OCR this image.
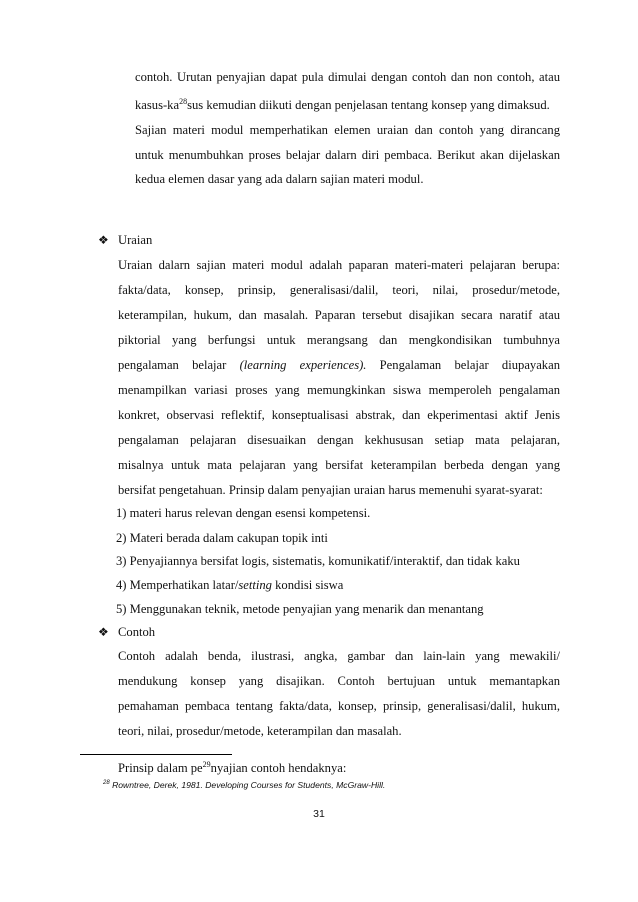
contoh. Urutan penyajian dapat pula dimulai dengan contoh dan non contoh, atau
kasus-$ka^{28}sus$ kemudian diikuti dengan penjelasan tentang konsep yang dimaksud.
Sajian materi modul memperhatikan elemen uraian dan contoh yang dirancang
untuk menumbuhkan proses belajar dalarn diri pembaca. Berikut akan dijelaskan
kedua elemen dasar yang ada dalarn sajian materi modul.
❖ Uraian
Uraian dalarn sajian materi modul adalah paparan materi-materi pelajaran berupa:
fakta/data, konsep, prinsip, generalisasi/dalil, teori, nilai, prosedur/metode,
keterampilan, hukum, dan masalah. Paparan tersebut disajikan secara naratif atau
piktorial yang berfungsi untuk merangsang dan mengkondisikan tumbuhnya
pengalaman belajar (learning experiences). Pengalaman belajar diupayakan
menampilkan variasi proses yang memungkinkan siswa memperoleh pengalaman
konkret, observasi reflektif, konseptualisasi abstrak, dan ekperimentasi aktif Jenis
pengalaman pelajaran disesuaikan dengan kekhususan setiap mata pelajaran,
misalnya untuk mata pelajaran yang bersifat keterampilan berbeda dengan yang
bersifat pengetahuan. Prinsip dalam penyajian uraian harus memenuhi syarat-syarat:
1) materi harus relevan dengan esensi kompetensi.
2) Materi berada dalam cakupan topik inti
3) Penyajiannya bersifat logis, sistematis, komunikatif/interaktif, dan tidak kaku
4) Memperhatikan latar/setting kondisi siswa
5) Menggunakan teknik, metode penyajian yang menarik dan menantang
❖ Contoh
Contoh adalah benda, ilustrasi, angka, gambar dan lain-lain yang mewakili/
mendukung konsep yang disajikan. Contoh bertujuan untuk memantapkan
pemahaman pembaca tentang fakta/data, konsep, prinsip, generalisasi/dalil, hukum,
teori, nilai, prosedur/metode, keterampilan dan masalah.
Prinsip dalam $pe^{29}nyajian$ contoh hendaknya:
$^{28}$ Rowntree, Derek, 1981. Developing Courses for Students, McGraw-Hill.
31
